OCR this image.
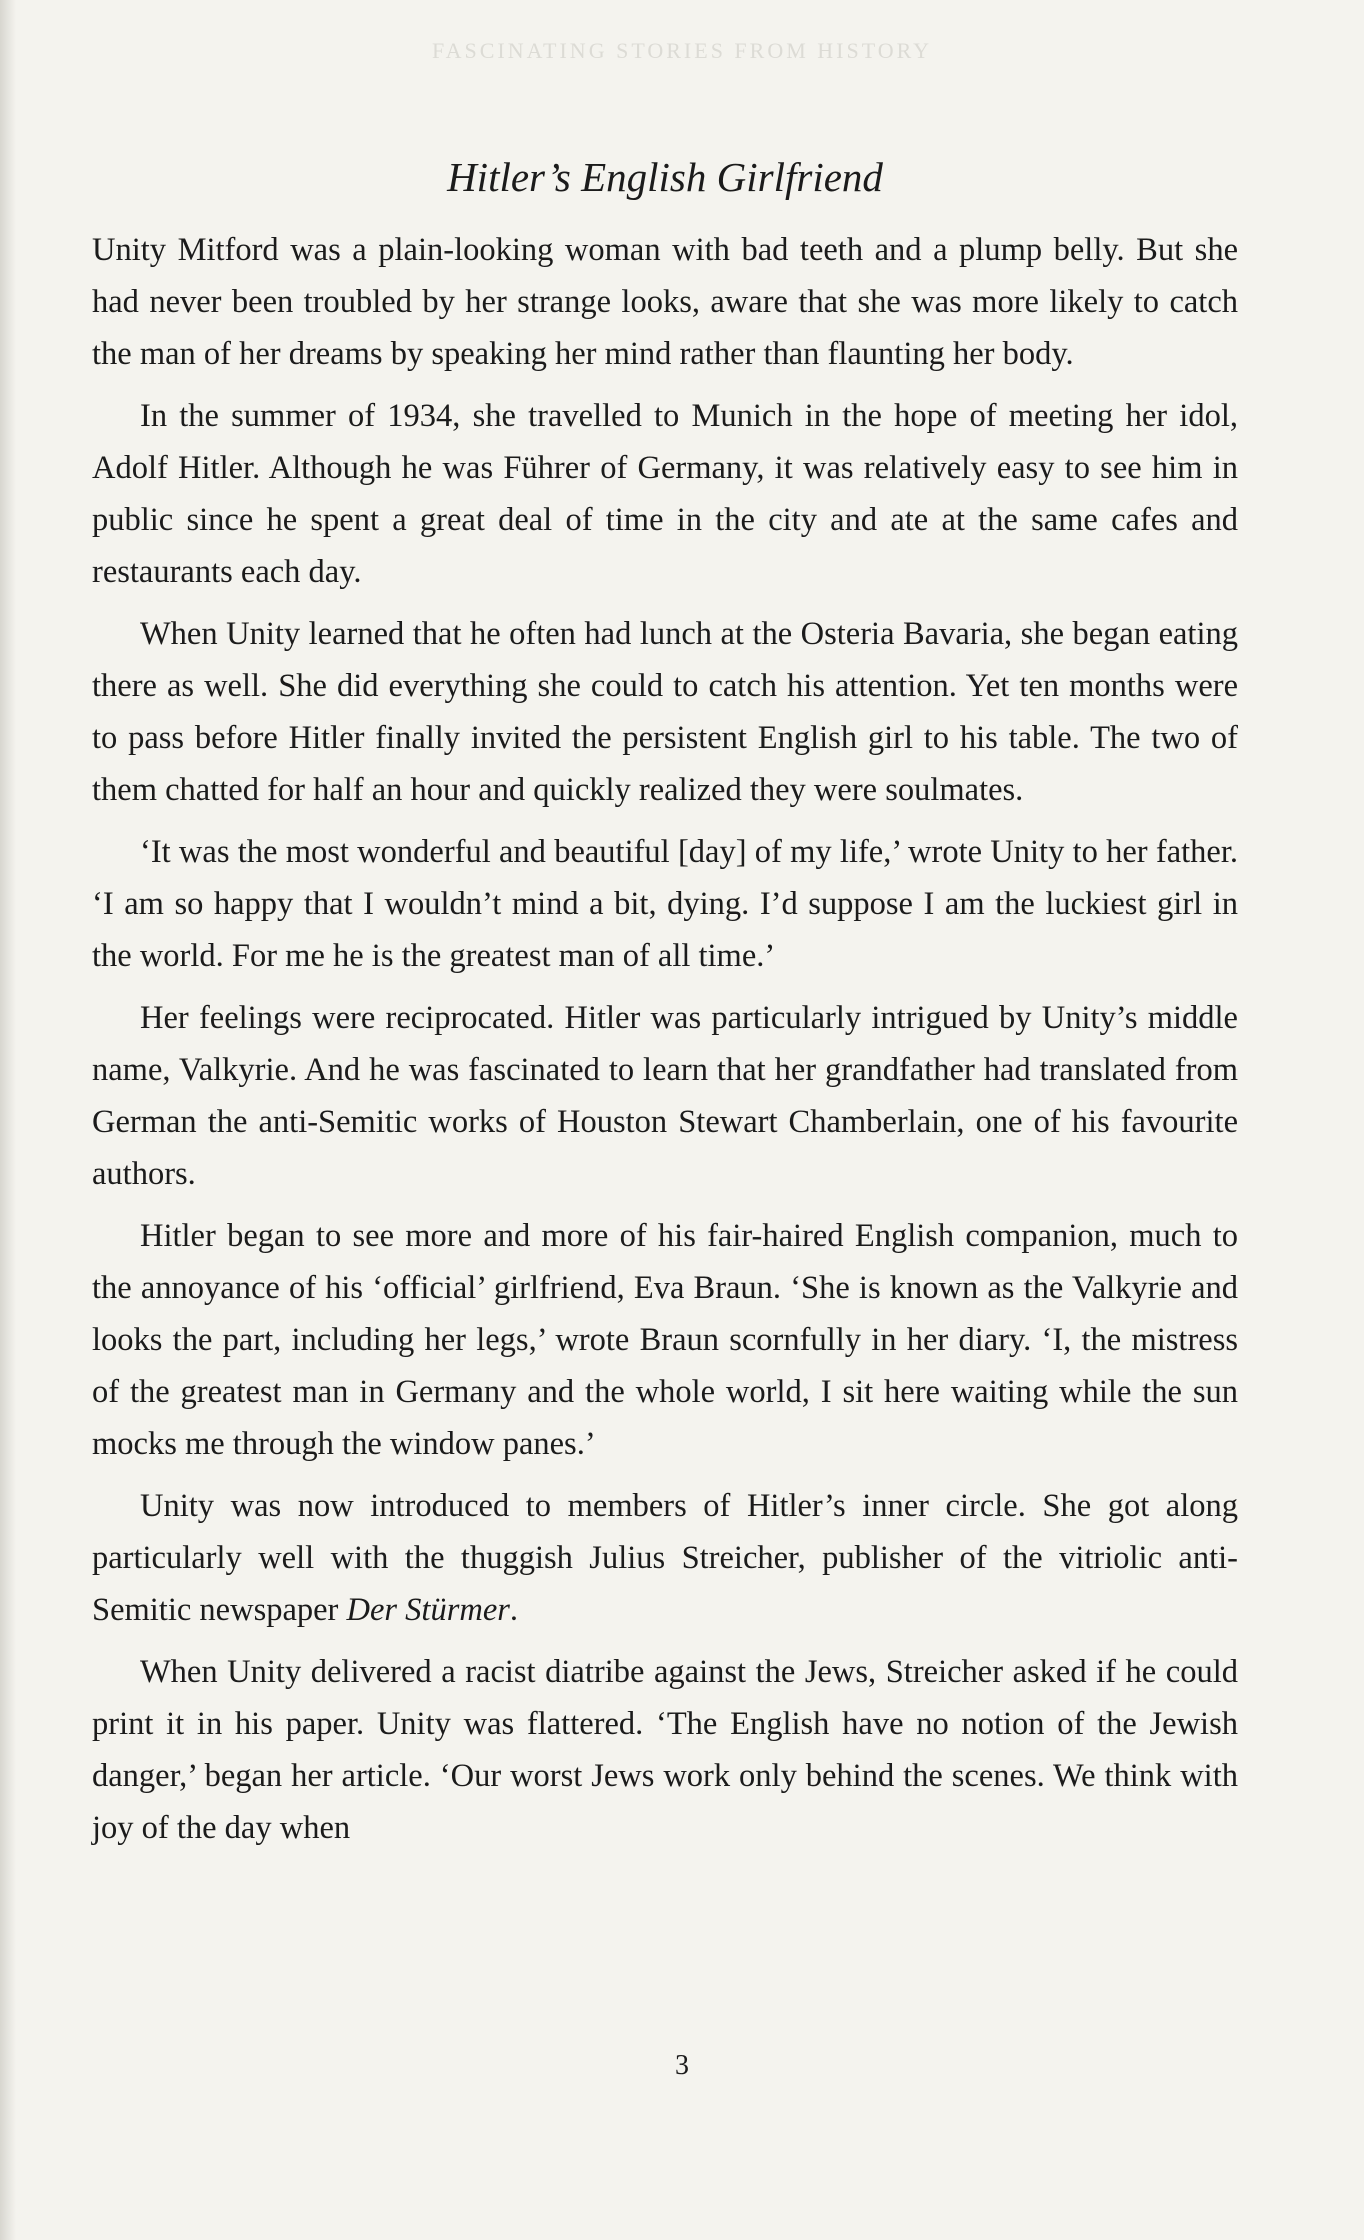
FASCINATING STORIES FROM HISTORY
Hitler’s English Girlfriend

Unity Mitford was a plain-looking woman with bad teeth and a plump belly. But she had never been troubled by her strange looks, aware that she was more likely to catch the man of her dreams by speaking her mind rather than flaunting her body.

In the summer of 1934, she travelled to Munich in the hope of meeting her idol, Adolf Hitler. Although he was Führer of Germany, it was relatively easy to see him in public since he spent a great deal of time in the city and ate at the same cafes and restaurants each day.

When Unity learned that he often had lunch at the Osteria Bavaria, she began eating there as well. She did everything she could to catch his attention. Yet ten months were to pass before Hitler finally invited the persistent English girl to his table. The two of them chatted for half an hour and quickly realized they were soulmates.

‘It was the most wonderful and beautiful [day] of my life,’ wrote Unity to her father. ‘I am so happy that I wouldn’t mind a bit, dying. I’d suppose I am the luckiest girl in the world. For me he is the greatest man of all time.’

Her feelings were reciprocated. Hitler was particularly intrigued by Unity’s middle name, Valkyrie. And he was fascinated to learn that her grandfather had translated from German the anti-Semitic works of Houston Stewart Chamberlain, one of his favourite authors.

Hitler began to see more and more of his fair-haired English companion, much to the annoyance of his ‘official’ girlfriend, Eva Braun. ‘She is known as the Valkyrie and looks the part, including her legs,’ wrote Braun scornfully in her diary. ‘I, the mistress of the greatest man in Germany and the whole world, I sit here waiting while the sun mocks me through the window panes.’

Unity was now introduced to members of Hitler’s inner circle. She got along particularly well with the thuggish Julius Streicher, publisher of the vitriolic anti-Semitic newspaper Der Stürmer.

When Unity delivered a racist diatribe against the Jews, Streicher asked if he could print it in his paper. Unity was flattered. ‘The English have no notion of the Jewish danger,’ began her article. ‘Our worst Jews work only behind the scenes. We think with joy of the day when

3
